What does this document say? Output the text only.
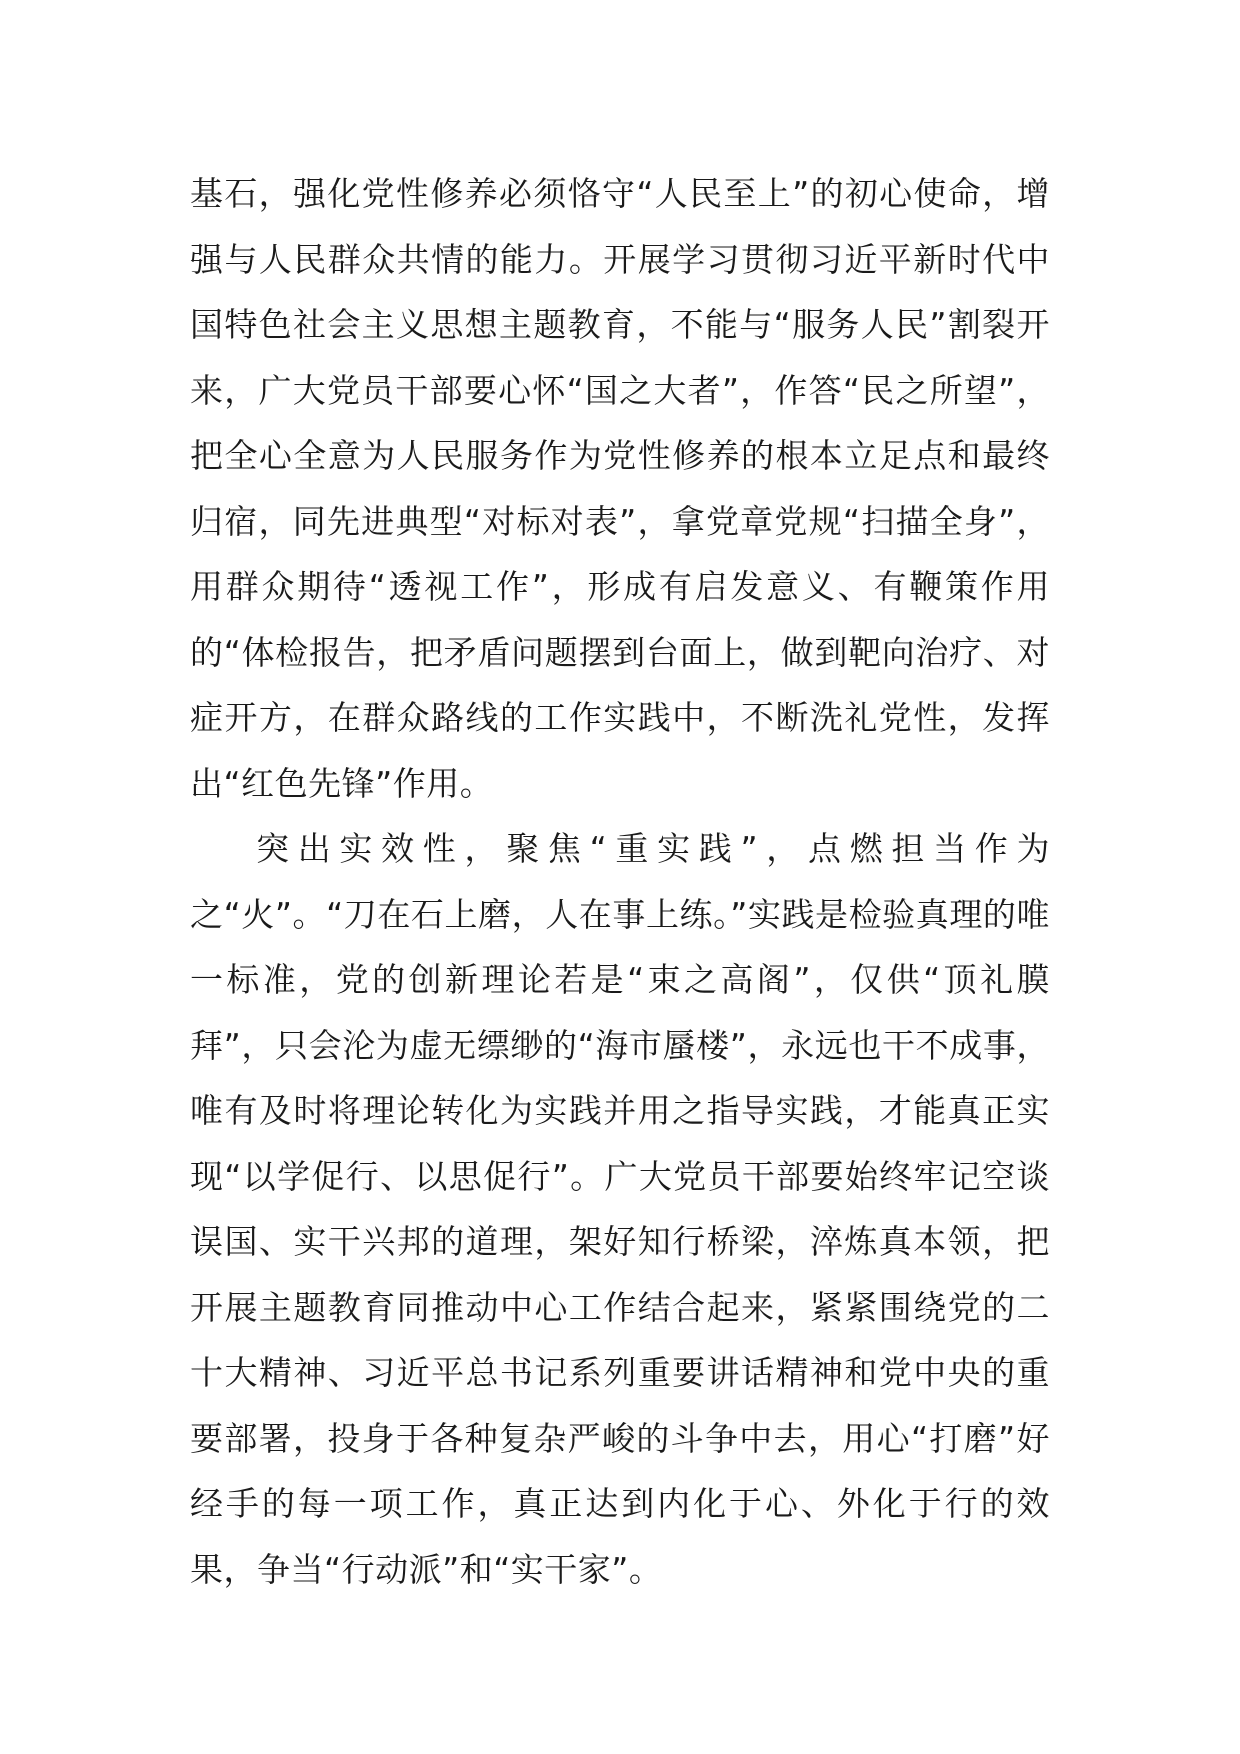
基石，强化党性修养必须恪守“人民至上”的初心使命，增强与人民群众共情的能力。开展学习贯彻习近平新时代中国特色社会主义思想主题教育，不能与“服务人民”割裂开来，广大党员干部要心怀“国之大者”，作答“民之所望”，把全心全意为人民服务作为党性修养的根本立足点和最终归宿，同先进典型“对标对表”，拿党章党规“扫描全身”，用群众期待“透视工作”，形成有启发意义、有鞭策作用的“体检报告，把矛盾问题摆到台面上，做到靶向治疗、对症开方，在群众路线的工作实践中，不断洗礼党性，发挥出“红色先锋”作用。

突出实效性，聚焦“重实践”，点燃担当作为之“火”。“刀在石上磨，人在事上练。”实践是检验真理的唯一标准，党的创新理论若是“束之高阁”，仅供“顶礼膜拜”，只会沦为虚无缥缈的“海市蜃楼”，永远也干不成事，唯有及时将理论转化为实践并用之指导实践，才能真正实现“以学促行、以思促行”。广大党员干部要始终牢记空谈误国、实干兴邦的道理，架好知行桥梁，淬炼真本领，把开展主题教育同推动中心工作结合起来，紧紧围绕党的二十大精神、习近平总书记系列重要讲话精神和党中央的重要部署，投身于各种复杂严峻的斗争中去，用心“打磨”好经手的每一项工作，真正达到内化于心、外化于行的效果，争当“行动派”和“实干家”。
